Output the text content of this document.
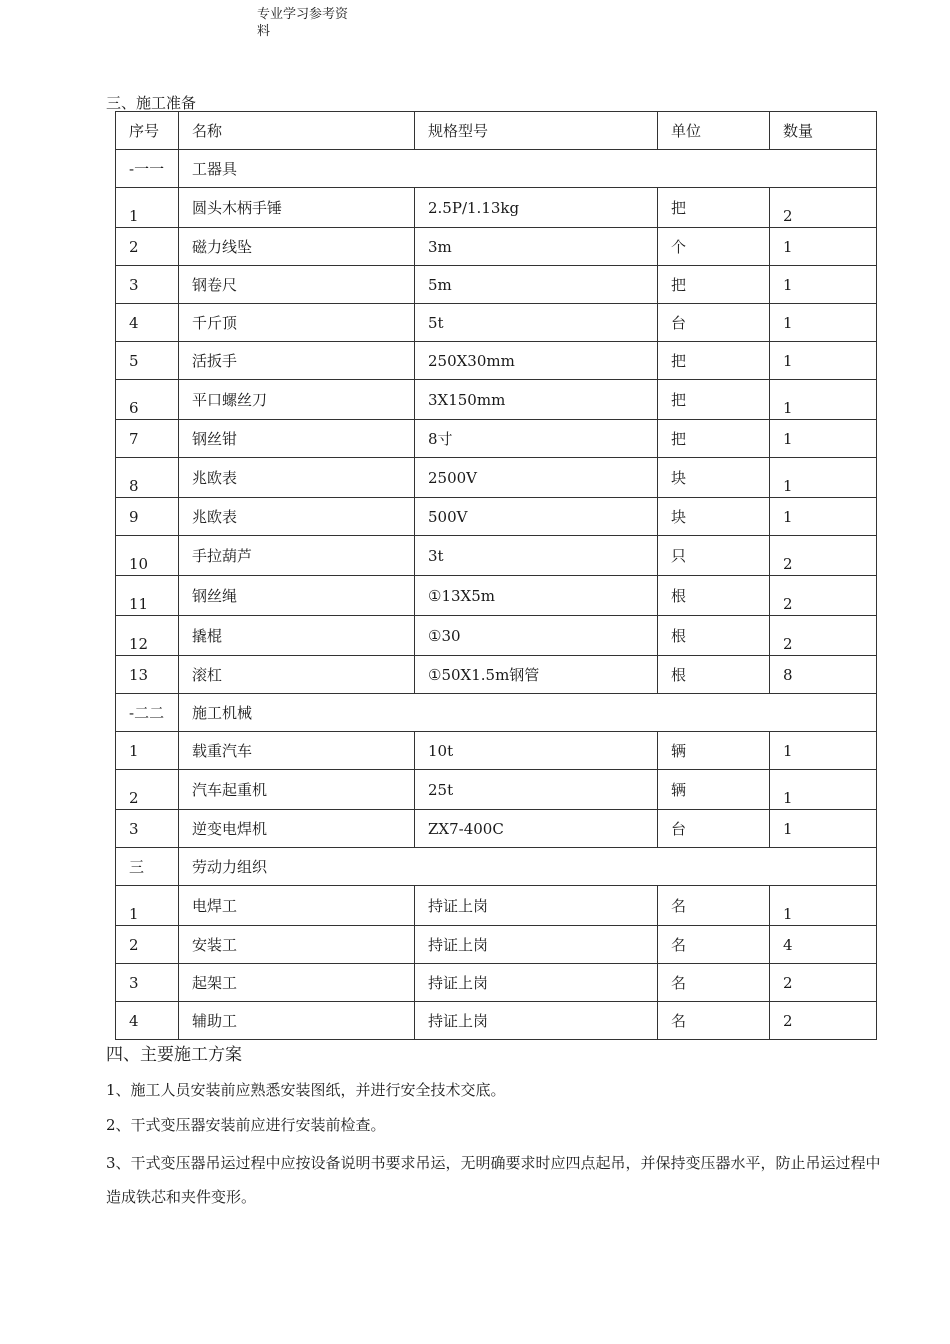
专业学习参考资
料
三、施工准备
序号	名称	规格型号	单位	数量
-一一	工器具			
1	圆头木柄手锤	2.5P/1.13kg	把	2
2	磁力线坠	3m	个	1
3	钢卷尺	5m	把	1
4	千斤顶	5t	台	1
5	活扳手	250X30mm	把	1
6	平口螺丝刀	3X150mm	把	1
7	钢丝钳	8寸	把	1
8	兆欧表	2500V	块	1
9	兆欧表	500V	块	1
10	手拉葫芦	3t	只	2
11	钢丝绳	①13X5m	根	2
12	撬棍	①30	根	2
13	滚杠	①50X1.5m钢管	根	8
-二二	施工机械			
1	载重汽车	10t	辆	1
2	汽车起重机	25t	辆	1
3	逆变电焊机	ZX7-400C	台	1
三	劳动力组织			
1	电焊工	持证上岗	名	1
2	安装工	持证上岗	名	4
3	起架工	持证上岗	名	2
4	辅助工	持证上岗	名	2
四、主要施工方案
1、施工人员安装前应熟悉安装图纸，并进行安全技术交底。
2、干式变压器安装前应进行安装前检查。
3、干式变压器吊运过程中应按设备说明书要求吊运，无明确要求时应四点起吊，并保持变压器水平，防止吊运过程中造成铁芯和夹件变形。
